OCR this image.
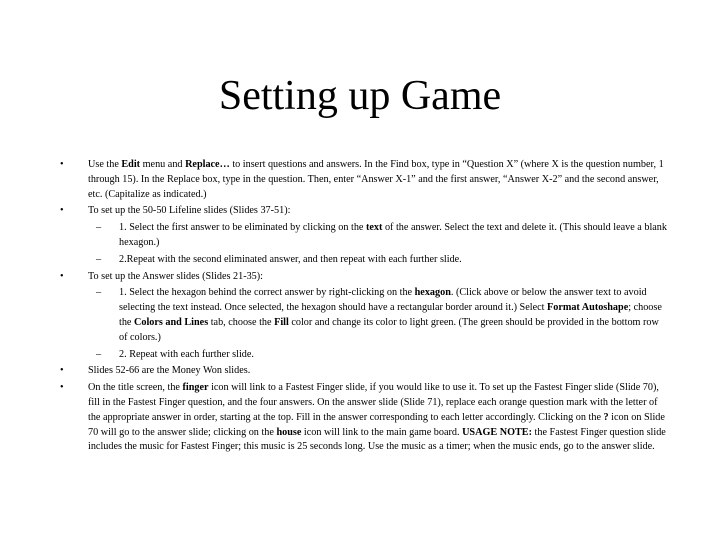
Setting up Game
• Use the Edit menu and Replace… to insert questions and answers. In the Find box, type in “Question X” (where X is the question number, 1 through 15). In the Replace box, type in the question. Then, enter “Answer X-1” and the first answer, “Answer X-2” and the second answer, etc. (Capitalize as indicated.)
• To set up the 50-50 Lifeline slides (Slides 37-51):
– 1. Select the first answer to be eliminated by clicking on the text of the answer. Select the text and delete it. (This should leave a blank hexagon.)
– 2.Repeat with the second eliminated answer, and then repeat with each further slide.
• To set up the Answer slides (Slides 21-35):
– 1. Select the hexagon behind the correct answer by right-clicking on the hexagon. (Click above or below the answer text to avoid selecting the text instead. Once selected, the hexagon should have a rectangular border around it.) Select Format Autoshape; choose the Colors and Lines tab, choose the Fill color and change its color to light green. (The green should be provided in the bottom row of colors.)
– 2. Repeat with each further slide.
• Slides 52-66 are the Money Won slides.
• On the title screen, the finger icon will link to a Fastest Finger slide, if you would like to use it. To set up the Fastest Finger slide (Slide 70), fill in the Fastest Finger question, and the four answers. On the answer slide (Slide 71), replace each orange question mark with the letter of the appropriate answer in order, starting at the top. Fill in the answer corresponding to each letter accordingly. Clicking on the ? icon on Slide 70 will go to the answer slide; clicking on the house icon will link to the main game board. USAGE NOTE: the Fastest Finger question slide includes the music for Fastest Finger; this music is 25 seconds long. Use the music as a timer; when the music ends, go to the answer slide.
